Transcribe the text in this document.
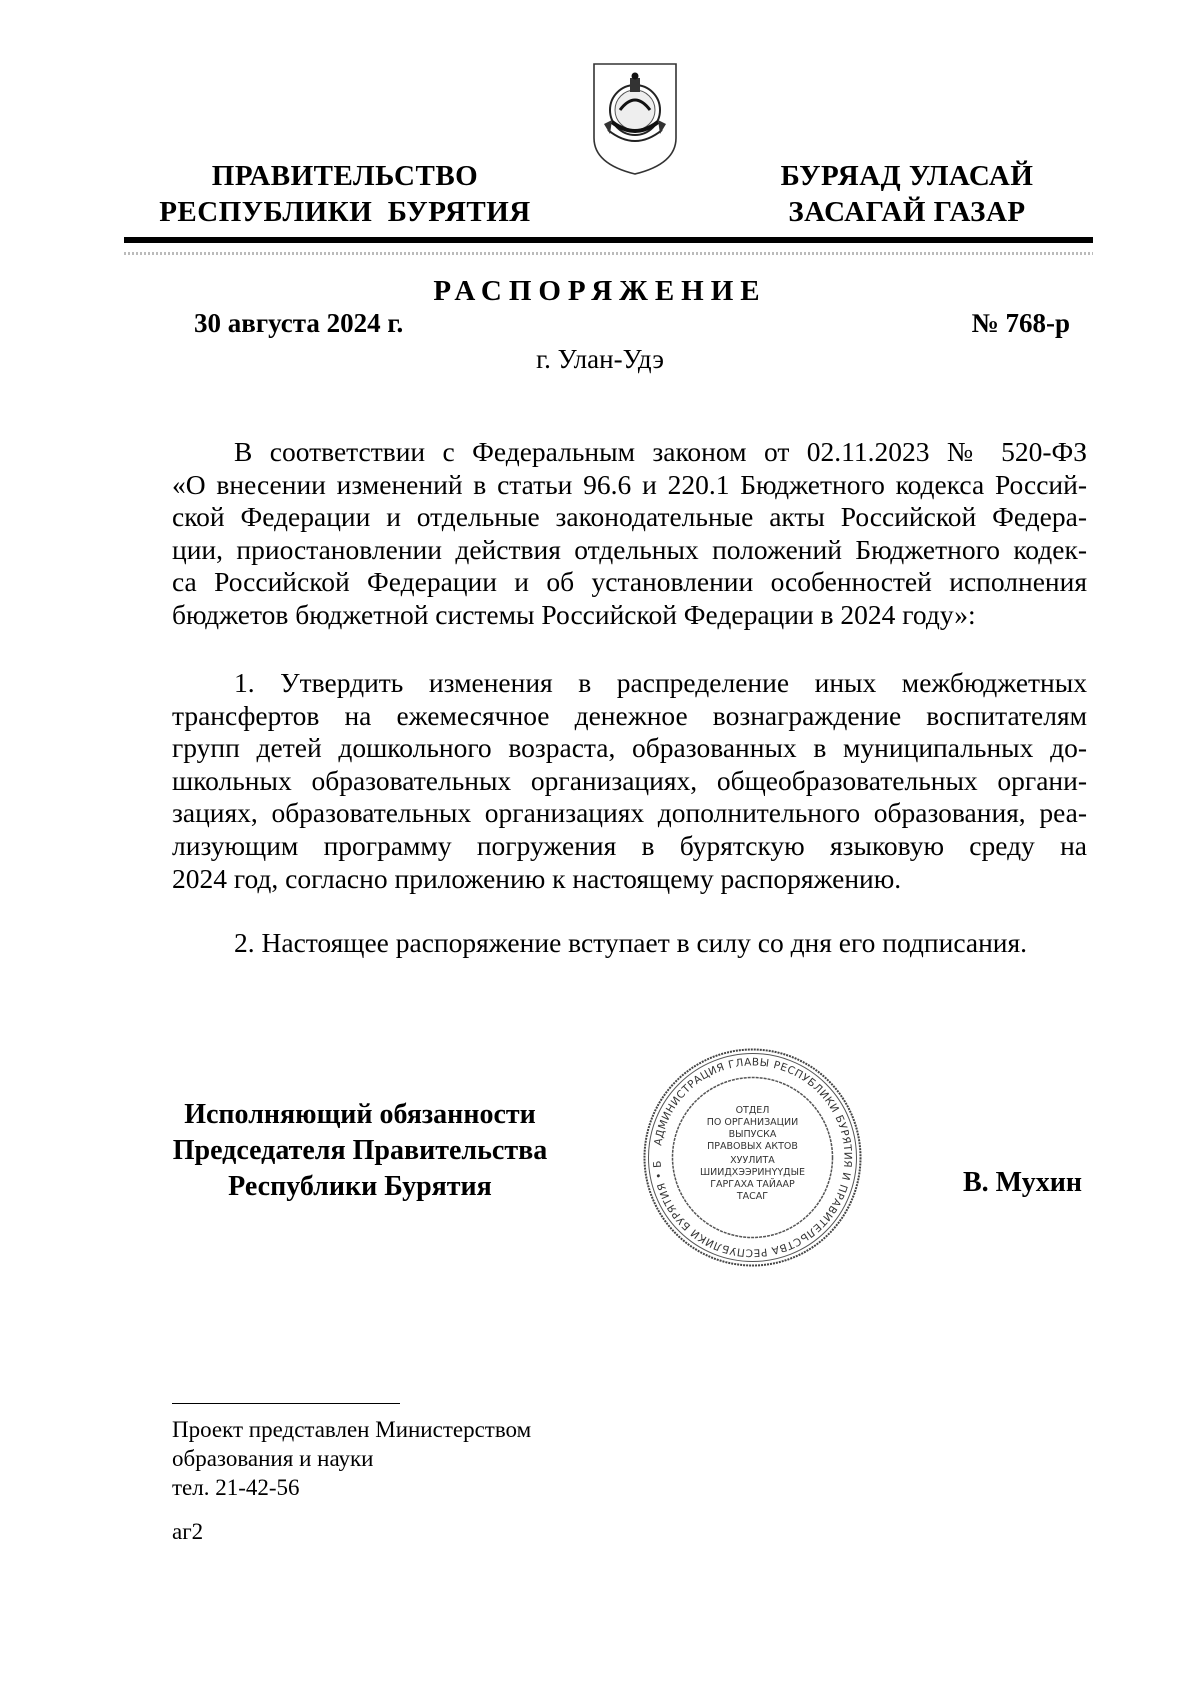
ПРАВИТЕЛЬСТВО
РЕСПУБЛИКИ  БУРЯТИЯ
БУРЯАД УЛАСАЙ
ЗАСАГАЙ ГАЗАР
РАСПОРЯЖЕНИЕ
30 августа 2024 г.	№ 768-р
г. Улан-Удэ
В соответствии с Федеральным законом от 02.11.2023 № 520-ФЗ
«О внесении изменений в статьи 96.6 и 220.1 Бюджетного кодекса Россий-
ской Федерации и отдельные законодательные акты Российской Федера-
ции, приостановлении действия отдельных положений Бюджетного кодек-
са Российской Федерации и об установлении особенностей исполнения
бюджетов бюджетной системы Российской Федерации в 2024 году»:
1. Утвердить изменения в распределение иных межбюджетных
трансфертов на ежемесячное денежное вознаграждение воспитателям
групп детей дошкольного возраста, образованных в муниципальных до-
школьных образовательных организациях, общеобразовательных органи-
зациях, образовательных организациях дополнительного образования, реа-
лизующим программу погружения в бурятскую языковую среду на
2024 год, согласно приложению к настоящему распоряжению.
2. Настоящее распоряжение вступает в силу со дня его подписания.
Исполняющий обязанности
Председателя Правительства
Республики Бурятия
АДМИНИСТРАЦИЯ ГЛАВЫ РЕСПУБЛИКИ БУРЯТИЯ И ПРАВИТЕЛЬСТВА РЕСПУБЛИКИ БУРЯТИЯ • Б
ОТДЕЛ
ПО ОРГАНИЗАЦИИ
ВЫПУСКА
ПРАВОВЫХ АКТОВ
ХУУЛИТА
ШИИДХЭЭРИНҮҮДЫЕ
ГАРГАХА ТАЙААР
ТАСАГ	В. Мухин
Проект представлен Министерством
образования и науки
тел. 21-42-56
аг2
